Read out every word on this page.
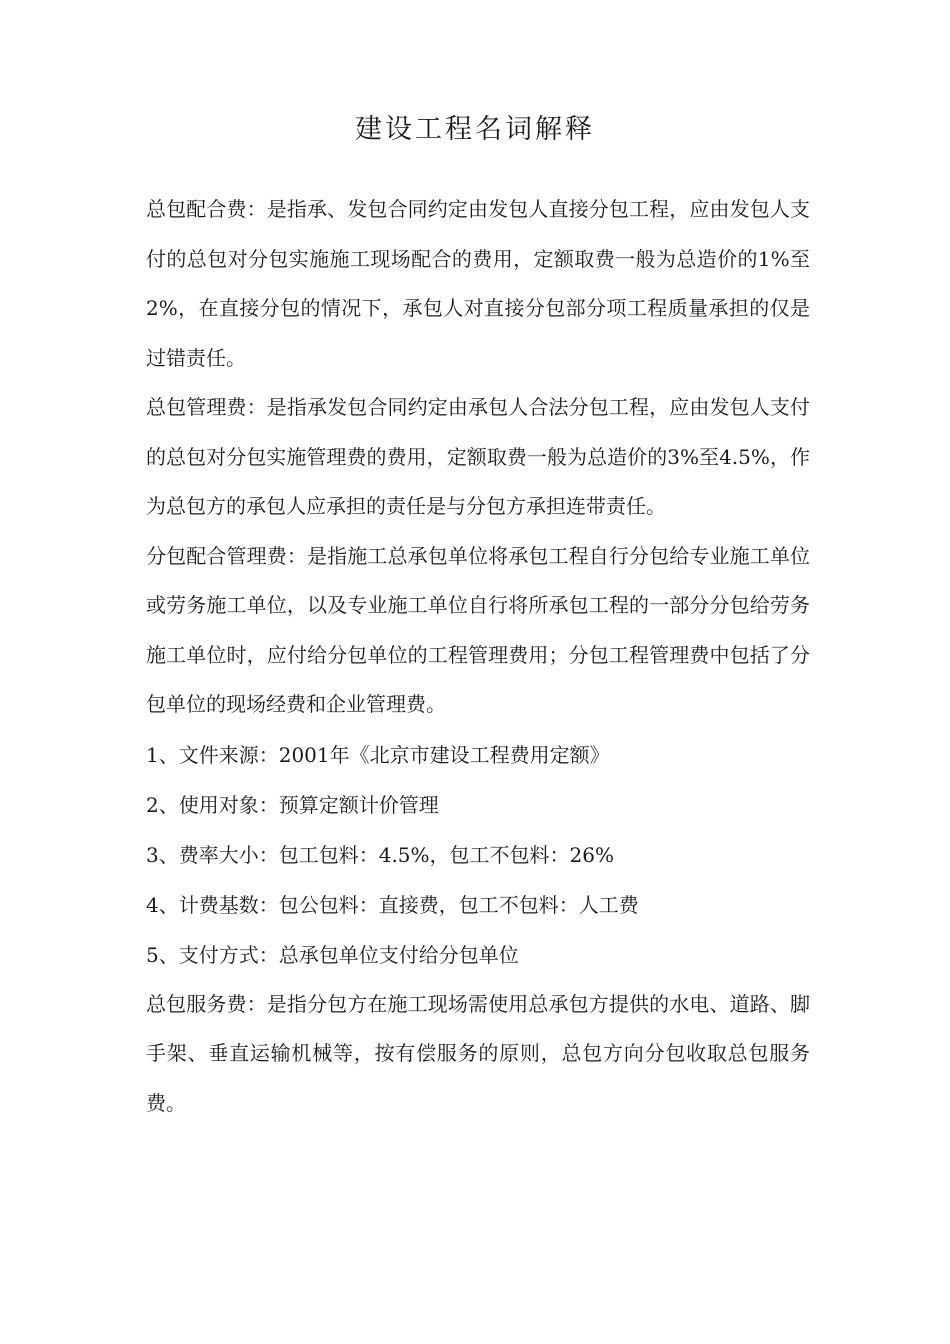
建设工程名词解释

总包配合费：是指承、发包合同约定由发包人直接分包工程，应由发包人支付的总包对分包实施施工现场配合的费用，定额取费一般为总造价的1%至2%，在直接分包的情况下，承包人对直接分包部分项工程质量承担的仅是过错责任。

总包管理费：是指承发包合同约定由承包人合法分包工程，应由发包人支付的总包对分包实施管理费的费用，定额取费一般为总造价的3%至4.5%，作为总包方的承包人应承担的责任是与分包方承担连带责任。

分包配合管理费：是指施工总承包单位将承包工程自行分包给专业施工单位或劳务施工单位，以及专业施工单位自行将所承包工程的一部分分包给劳务施工单位时，应付给分包单位的工程管理费用；分包工程管理费中包括了分包单位的现场经费和企业管理费。

1、文件来源：2001年《北京市建设工程费用定额》

2、使用对象：预算定额计价管理

3、费率大小：包工包料：4.5%，包工不包料：26%

4、计费基数：包公包料：直接费，包工不包料：人工费

5、支付方式：总承包单位支付给分包单位

总包服务费：是指分包方在施工现场需使用总承包方提供的水电、道路、脚手架、垂直运输机械等，按有偿服务的原则，总包方向分包收取总包服务费。
